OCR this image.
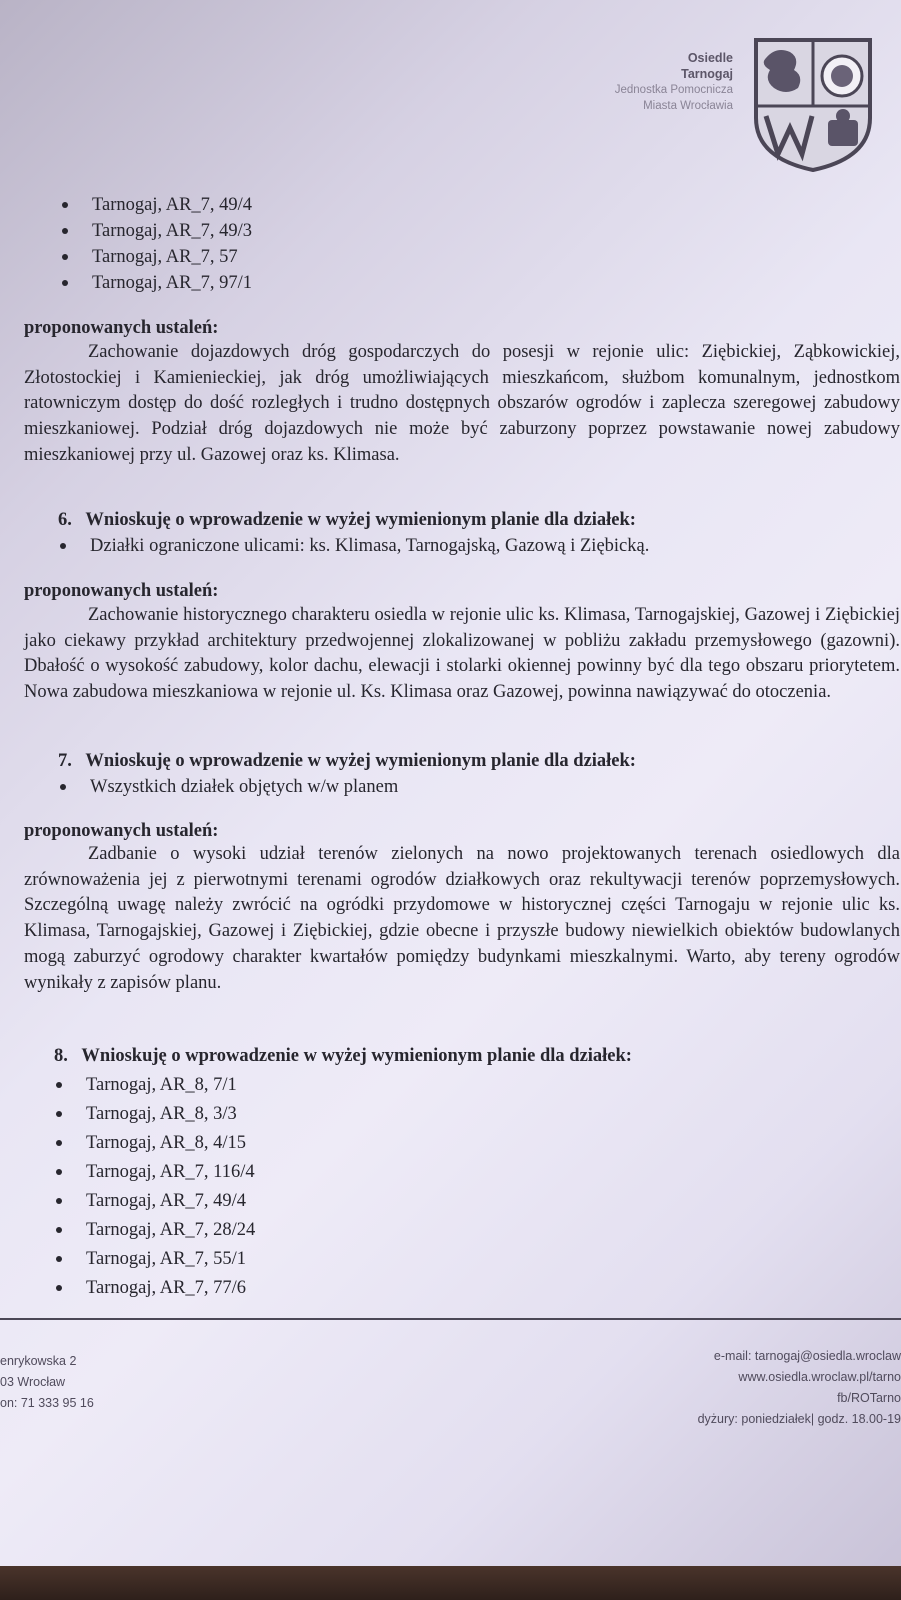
Osiedle
Tarnogaj
Jednostka Pomocnicza
Miasta Wrocławia
Tarnogaj, AR_7, 49/4
Tarnogaj, AR_7, 49/3
Tarnogaj, AR_7, 57
Tarnogaj, AR_7, 97/1
proponowanych ustaleń:
Zachowanie dojazdowych dróg gospodarczych do posesji w rejonie ulic: Ziębickiej, Ząbkowickiej, Złotostockiej i Kamienieckiej, jak dróg umożliwiających mieszkańcom, służbom komunalnym, jednostkom ratowniczym dostęp do dość rozległych i trudno dostępnych obszarów ogrodów i zaplecza szeregowej zabudowy mieszkaniowej. Podział dróg dojazdowych nie może być zaburzony poprzez powstawanie nowej zabudowy mieszkaniowej przy ul. Gazowej oraz ks. Klimasa.
6.   Wnioskuję o wprowadzenie w wyżej wymienionym planie dla działek:
Działki ograniczone ulicami: ks. Klimasa, Tarnogajską, Gazową i Ziębicką.
proponowanych ustaleń:
Zachowanie historycznego charakteru osiedla w rejonie ulic ks. Klimasa, Tarnogajskiej, Gazowej i Ziębickiej jako ciekawy przykład architektury przedwojennej zlokalizowanej w pobliżu zakładu przemysłowego (gazowni). Dbałość o wysokość zabudowy, kolor dachu, elewacji i stolarki okiennej powinny być dla tego obszaru priorytetem. Nowa zabudowa mieszkaniowa w rejonie ul. Ks. Klimasa oraz Gazowej, powinna nawiązywać do otoczenia.
7.   Wnioskuję o wprowadzenie w wyżej wymienionym planie dla działek:
Wszystkich działek objętych w/w planem
proponowanych ustaleń:
Zadbanie o wysoki udział terenów zielonych na nowo projektowanych terenach osiedlowych dla zrównoważenia jej z pierwotnymi terenami ogrodów działkowych oraz rekultywacji terenów poprzemysłowych. Szczególną uwagę należy zwrócić na ogródki przydomowe w historycznej części Tarnogaju w rejonie ulic ks. Klimasa, Tarnogajskiej, Gazowej i Ziębickiej, gdzie obecne i przyszłe budowy niewielkich obiektów budowlanych mogą zaburzyć ogrodowy charakter kwartałów pomiędzy budynkami mieszkalnymi. Warto, aby tereny ogrodów wynikały z zapisów planu.
8.   Wnioskuję o wprowadzenie w wyżej wymienionym planie dla działek:
Tarnogaj, AR_8, 7/1
Tarnogaj, AR_8, 3/3
Tarnogaj, AR_8, 4/15
Tarnogaj, AR_7, 116/4
Tarnogaj, AR_7, 49/4
Tarnogaj, AR_7, 28/24
Tarnogaj, AR_7, 55/1
Tarnogaj, AR_7, 77/6
enrykowska 2
03 Wrocław
on: 71 333 95 16
e-mail: tarnogaj@osiedla.wroclaw
www.osiedla.wroclaw.pl/tarno
fb/ROTarno
dyżury: poniedziałek| godz. 18.00-19
